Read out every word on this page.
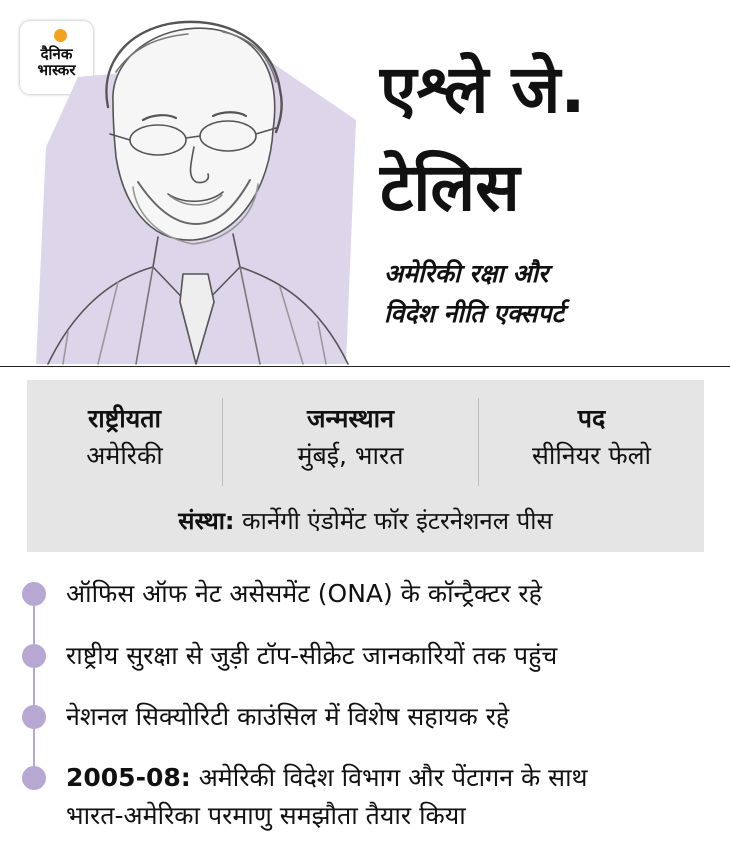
दैनिक
भास्कर	एश्ले जे.
टेलिस
अमेरिकी रक्षा और
विदेश नीति एक्सपर्ट
राष्ट्रीयता
अमेरिकी
जन्मस्थान
मुंबई, भारत
पद
सीनियर फेलो
संस्था: कार्नेगी एंडोमेंट फॉर इंटरनेशनल पीस
ऑफिस ऑफ नेट असेसमेंट (ONA) के कॉन्ट्रैक्टर रहे
राष्ट्रीय सुरक्षा से जुड़ी टॉप-सीक्रेट जानकारियों तक पहुंच
नेशनल सिक्योरिटी काउंसिल में विशेष सहायक रहे
2005-08: अमेरिकी विदेश विभाग और पेंटागन के साथ
भारत-अमेरिका परमाणु समझौता तैयार किया
